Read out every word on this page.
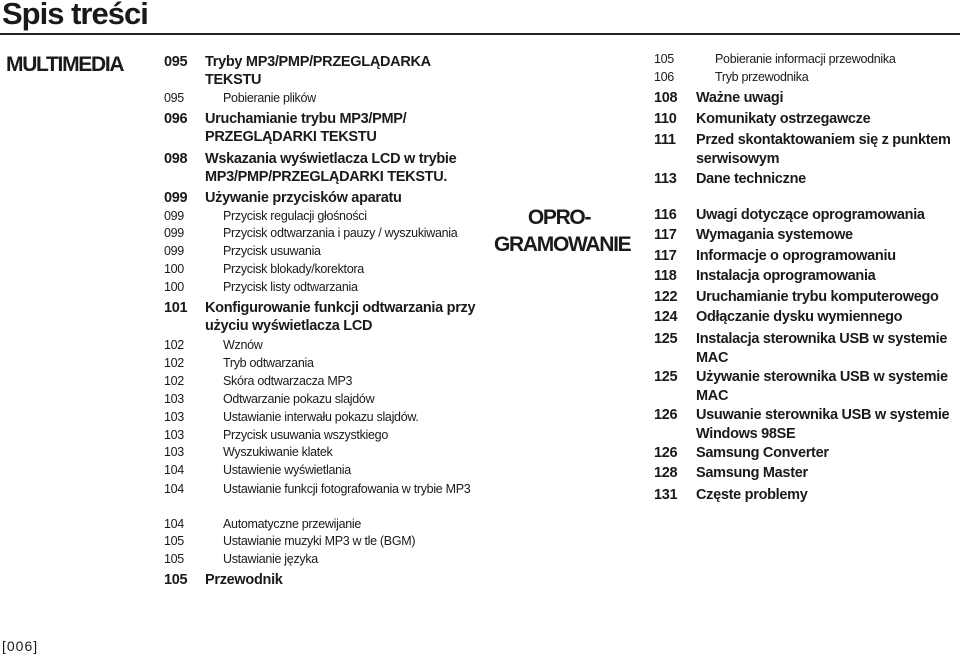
Spis treści
MULTIMEDIA
OPRO-
GRAMOWANIE
095	Tryby MP3/PMP/PRZEGLĄDARKA TEKSTU
095	Pobieranie plików
096	Uruchamianie trybu MP3/PMP/ PRZEGLĄDARKI TEKSTU
098	Wskazania wyświetlacza LCD w trybie MP3/PMP/PRZEGLĄDARKI TEKSTU.
099	Używanie przycisków aparatu
099	Przycisk regulacji głośności
099	Przycisk odtwarzania i pauzy / wyszukiwania
099	Przycisk usuwania
100	Przycisk blokady/korektora
100	Przycisk listy odtwarzania
101	Konfigurowanie funkcji odtwarzania przy użyciu wyświetlacza LCD
102	Wznów
102	Tryb odtwarzania
102	Skóra odtwarzacza MP3
103	Odtwarzanie pokazu slajdów
103	Ustawianie interwału pokazu slajdów.
103	Przycisk usuwania wszystkiego
103	Wyszukiwanie klatek
104	Ustawienie wyświetlania
104	Ustawianie funkcji fotografowania w trybie MP3
104	Automatyczne przewijanie
105	Ustawianie muzyki MP3 w tle (BGM)
105	Ustawianie języka
105	Przewodnik
105	Pobieranie informacji przewodnika
106	Tryb przewodnika
108	Ważne uwagi
110	Komunikaty ostrzegawcze
111	Przed skontaktowaniem się z punktem serwisowym
113	Dane techniczne
116	Uwagi dotyczące oprogramowania
117	Wymagania systemowe
117	Informacje o oprogramowaniu
118	Instalacja oprogramowania
122	Uruchamianie trybu komputerowego
124	Odłączanie dysku wymiennego
125	Instalacja sterownika USB w systemie MAC
125	Używanie sterownika USB w systemie MAC
126	Usuwanie sterownika USB w systemie Windows 98SE
126	Samsung Converter
128	Samsung Master
131	Częste problemy
[006]
